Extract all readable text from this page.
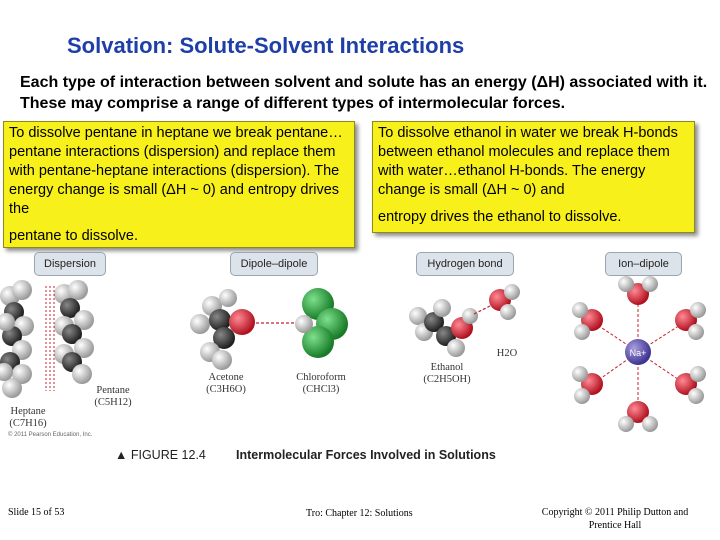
Solvation: Solute-Solvent Interactions
Each type of interaction between solvent and solute has an energy (ΔH) associated with it. These may comprise a range of different types of intermolecular forces.

To dissolve pentane in heptane we break pentane…pentane interactions (dispersion) and replace them with pentane-heptane interactions (dispersion). The energy change is small (ΔH ~ 0) and entropy drives the

pentane to dissolve.

To dissolve ethanol in water we break H-bonds between ethanol molecules and replace them with water…ethanol H-bonds. The energy change is small (ΔH ~ 0) and

entropy drives the ethanol to dissolve.

Dispersion	Dipole–dipole	Hydrogen bond	Ion–dipole
Na+
Pentane
(C5H12)
Heptane
(C7H16)
Acetone
(C3H6O)
Chloroform
(CHCl3)
Ethanol
(C2H5OH)
H2O
© 2011 Pearson Education, Inc.
▲ FIGURE 12.4 Intermolecular Forces Involved in Solutions
Slide 15 of 53	Tro: Chapter 12: Solutions	Copyright © 2011 Philip Dutton and Prentice Hall
